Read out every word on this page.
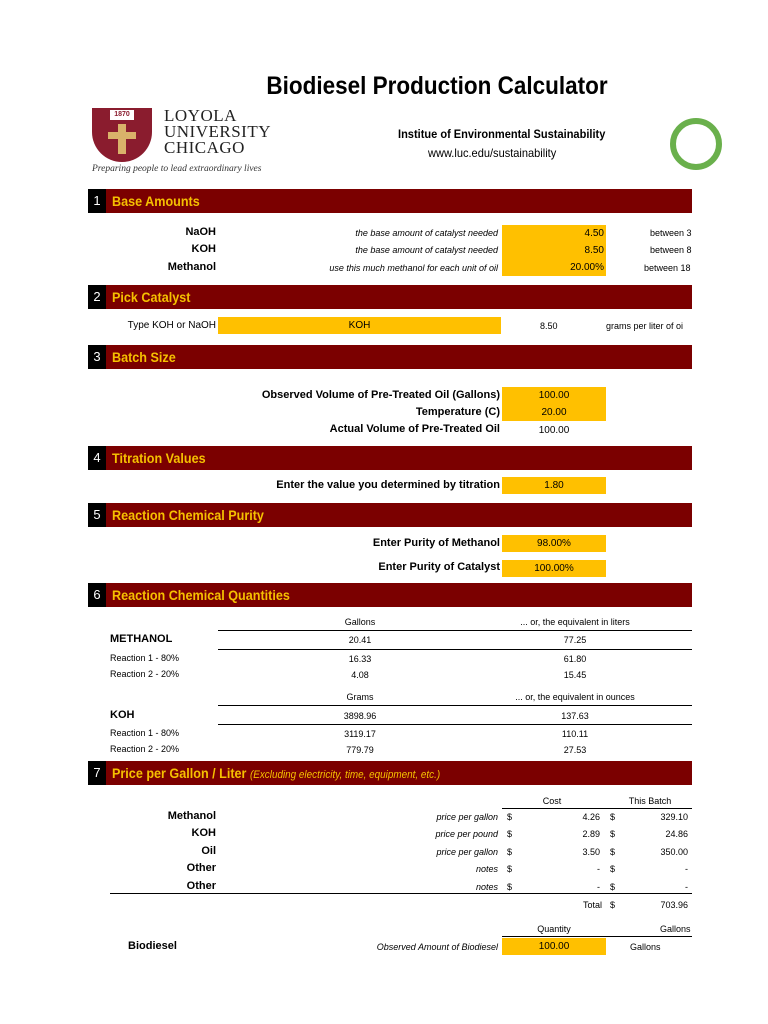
Biodiesel Production Calculator
1870 LOYOLA
UNIVERSITY
CHICAGO
Preparing people to lead extraordinary lives
Institue of Environmental Sustainability
www.luc.edu/sustainability
1 Base Amounts
NaOH	the base amount of catalyst needed	4.50	between 3
KOH	the base amount of catalyst needed	8.50	between 8
Methanol	use this much methanol for each unit of oil	20.00%	between 18
2 Pick Catalyst
Type KOH or NaOH	KOH	8.50	grams per liter of oi
3 Batch Size
Observed Volume of Pre-Treated Oil (Gallons)	100.00
Temperature (C)	20.00
Actual Volume of Pre-Treated Oil	100.00
4 Titration Values
Enter the value you determined by titration	1.80
5 Reaction Chemical Purity
Enter Purity of Methanol	98.00%
Enter Purity of Catalyst	100.00%
6 Reaction Chemical Quantities
Gallons	... or, the equivalent in liters
METHANOL	20.41	77.25
Reaction 1 - 80%	16.33	61.80
Reaction 2 - 20%	4.08	15.45
Grams	... or, the equivalent in ounces
KOH	3898.96	137.63
Reaction 1 - 80%	3119.17	110.11
Reaction 2 - 20%	779.79	27.53
7 Price per Gallon / Liter (Excluding electricity, time, equipment, etc.)
Cost	This Batch
Methanol	price per gallon $	4.26 $	329.10
KOH	price per pound $	2.89 $	24.86
Oil	price per gallon $	3.50 $	350.00
Other	notes $	- $	-
Other	notes $	- $	-
Total $	703.96
Quantity	Gallons
Biodiesel	Observed Amount of Biodiesel	100.00	Gallons
